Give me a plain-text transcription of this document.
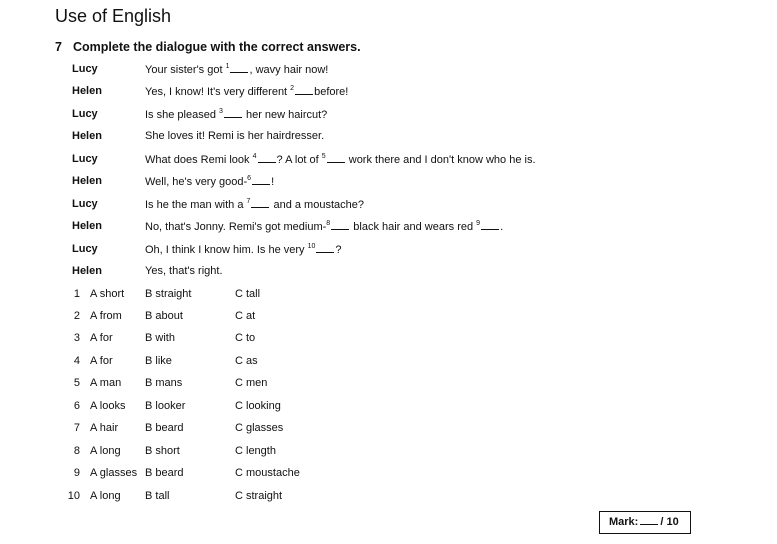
Use of English
7 Complete the dialogue with the correct answers.
Lucy	Your sister's got $^1$ , wavy hair now!
Helen	Yes, I know! It's very different $^2$ before!
Lucy	Is she pleased $^3$ her new haircut?
Helen	She loves it! Remi is her hairdresser.
Lucy	What does Remi look $^4$ ? A lot of $^5$ work there and I don't know who he is.
Helen	Well, he's very good-$^6$ !
Lucy	Is he the man with a $^7$ and a moustache?
Helen	No, that's Jonny. Remi's got medium-$^8$ black hair and wears red $^9$ .
Lucy	Oh, I think I know him. Is he very $^{10}$ ?
Helen	Yes, that's right.
1 A short B straight	C tall
2 A from B about	C at
3 A for	B with	C to
4 A for	B like	C as
5 A man B mans	C men
6 A looks B looker	C looking
7 A hair B beard	C glasses
8 A long B short	C length
9 A glasses B beard	C moustache
10 A long B tall	C straight
Mark: / 10
